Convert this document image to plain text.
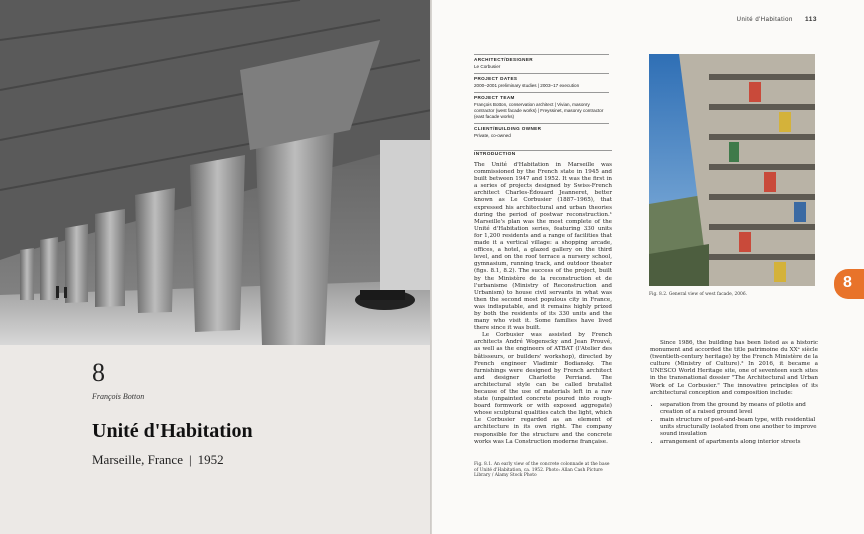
8
François Botton
Unité d'Habitation
Marseille, France | 1952
Unité d'Habitation 113
ARCHITECT/DESIGNER
Le Corbusier
PROJECT DATES
2000–2001 preliminary studies | 2003–17 execution
PROJECT TEAM
François Botton, conservation architect | Vivian, masonry contractor (west facade works) | Freyssinet, masonry contractor (east facade works)
CLIENT/BUILDING OWNER
Private, co-owned
INTRODUCTION

The Unité d'Habitation in Marseille was commissioned by the French state in 1945 and built between 1947 and 1952. It was the first in a series of projects designed by Swiss-French architect Charles-Édouard Jeanneret, better known as Le Corbusier (1887–1965), that expressed his architectural and urban theories during the period of postwar reconstruction.¹ Marseille's plan was the most complete of the Unité d'Habitation series, featuring 330 units for 1,200 residents and a range of facilities that made it a vertical village: a shopping arcade, offices, a hotel, a glazed gallery on the third level, and on the roof terrace a nursery school, gymnasium, running track, and outdoor theater (figs. 8.1, 8.2). The success of the project, built by the Ministère de la reconstruction et de l'urbanisme (Ministry of Reconstruction and Urbanism) to house civil servants in what was then the second most populous city in France, was indisputable, and it remains highly prized by both the residents of its 330 units and the many who visit it. Some families have lived there since it was built.

Le Corbusier was assisted by French architects André Wogenscky and Jean Prouvé, as well as the engineers of ATBAT (l'Atelier des bâtisseurs, or builders' workshop), directed by French engineer Vladimir Bodiansky. The furnishings were designed by French architect and designer Charlotte Perriand. The architectural style can be called brutalist because of the use of materials left in a raw state (unpainted concrete poured into rough-board formwork or with exposed aggregate) whose sculptural qualities catch the light, which Le Corbusier regarded as an element of architecture in its own right. The company responsible for the structure and the concrete works was La Construction moderne française.

Fig. 8.1. An early view of the concrete colonnade at the base of Unité d'Habitation, ca. 1952. Photo: Allan Cash Picture Library / Alamy Stock Photo
Fig. 8.2. General view of west facade, 2006.

Since 1986, the building has been listed as a historic monument and accorded the title patrimoine du XXᵉ siècle (twentieth-century heritage) by the French Ministère de la culture (Ministry of Culture).² In 2016, it became a UNESCO World Heritage site, one of seventeen such sites in the transnational dossier "The Architectural and Urban Work of Le Corbusier." The innovative principles of its architectural conception and composition include:

• separation from the ground by means of pilotis and creation of a raised ground level
• main structure of post-and-beam type, with residential units structurally isolated from one another to improve sound insulation
• arrangement of apartments along interior streets
8
